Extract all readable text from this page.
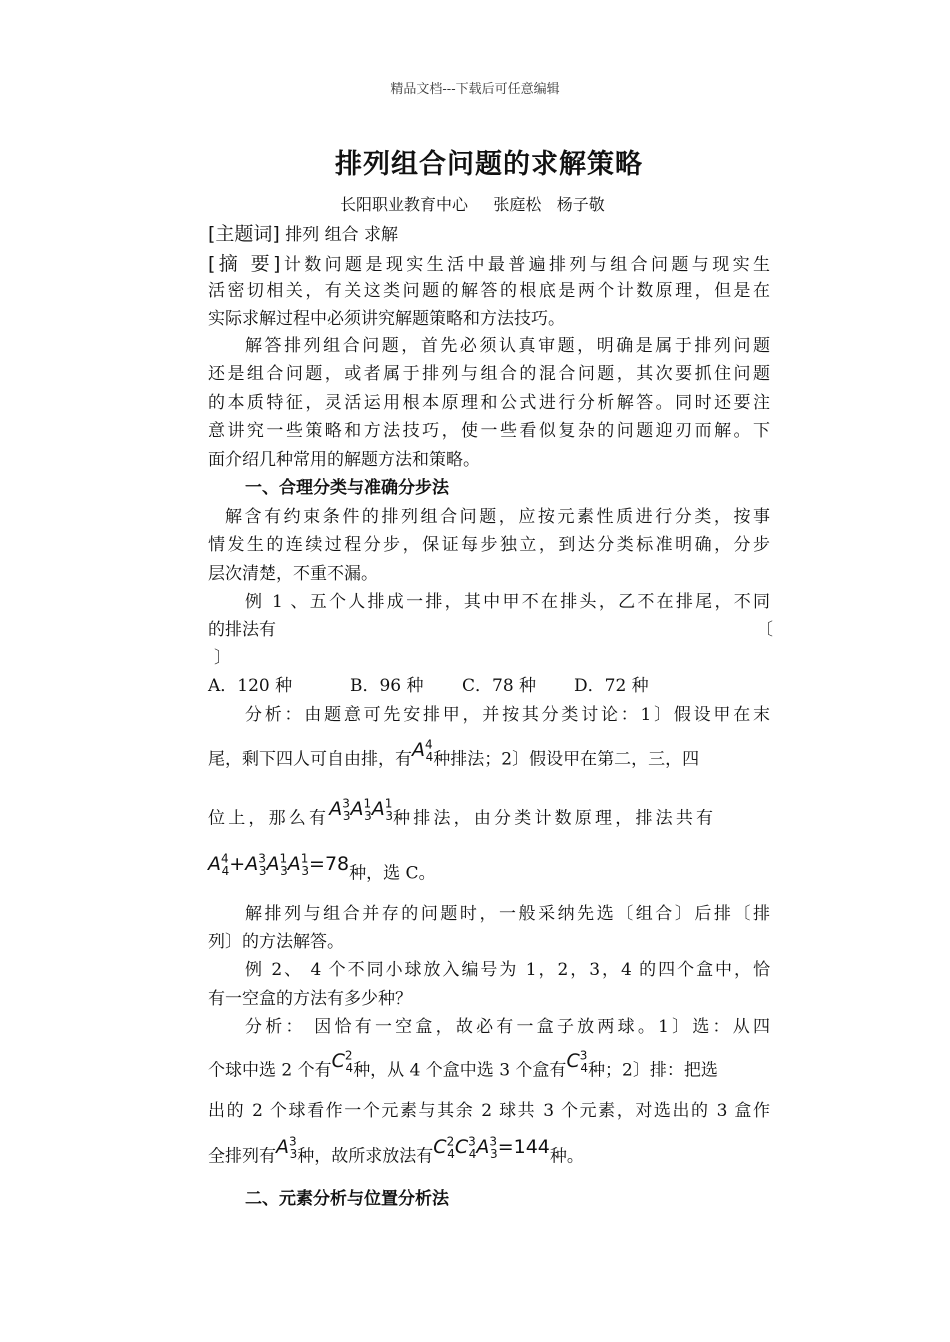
精品文档---下载后可任意编辑
排列组合问题的求解策略
长阳职业教育中心     张庭松   杨子敬
[主题词] 排列 组合 求解
[摘 要]计数问题是现实生活中最普遍排列与组合问题与现实生
活密切相关，有关这类问题的解答的根底是两个计数原理，但是在
实际求解过程中必须讲究解题策略和方法技巧。
解答排列组合问题，首先必须认真审题，明确是属于排列问题
还是组合问题，或者属于排列与组合的混合问题，其次要抓住问题
的本质特征，灵活运用根本原理和公式进行分析解答。同时还要注
意讲究一些策略和方法技巧，使一些看似复杂的问题迎刃而解。下
面介绍几种常用的解题方法和策略。
一、合理分类与准确分步法
解含有约束条件的排列组合问题，应按元素性质进行分类，按事
情发生的连续过程分步，保证每步独立，到达分类标准明确，分步
层次清楚，不重不漏。
例 1 、五个人排成一排，其中甲不在排头，乙不在排尾，不同
的排法有	〔
〕
A．120 种	B．96 种 C．78 种 D．72 种
分析：由题意可先安排甲，并按其分类讨论：1〕假设甲在末
尾，剩下四人可自由排，有$A^4_4$种排法；2〕假设甲在第二，三，四
位上，那么有$A^3_3A^1_3A^1_3$种排法，由分类计数原理，排法共有
$A^4_4+A^3_3A^1_3A^1_3=78$种，选 C。
解排列与组合并存的问题时，一般采纳先选〔组合〕后排〔排
列〕的方法解答。
例 2、 4 个不同小球放入编号为 1，2，3，4 的四个盒中，恰
有一空盒的方法有多少种？
分析： 因恰有一空盒，故必有一盒子放两球。1〕选：从四
个球中选 2 个有$C^2_4$种，从 4 个盒中选 3 个盒有$C^3_4$种；2〕排：把选
出的 2 个球看作一个元素与其余 2 球共 3 个元素，对选出的 3 盒作
全排列有$A^3_3$种，故所求放法有$C^2_4C^3_4A^3_3=144$种。
二、元素分析与位置分析法
